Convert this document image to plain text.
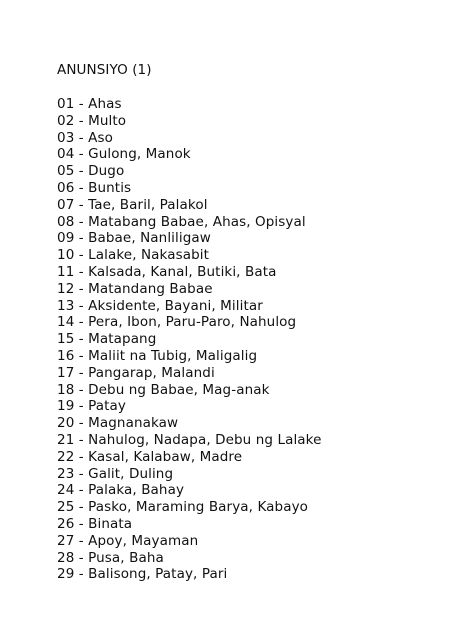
ANUNSIYO (1)
01 - Ahas
02 - Multo
03 - Aso
04 - Gulong, Manok
05 - Dugo
06 - Buntis
07 - Tae, Baril, Palakol
08 - Matabang Babae, Ahas, Opisyal
09 - Babae, Nanliligaw
10 - Lalake, Nakasabit
11 - Kalsada, Kanal, Butiki, Bata
12 - Matandang Babae
13 - Aksidente, Bayani, Militar
14 - Pera, Ibon, Paru-Paro, Nahulog
15 - Matapang
16 - Maliit na Tubig, Maligalig
17 - Pangarap, Malandi
18 - Debu ng Babae, Mag-anak
19 - Patay
20 - Magnanakaw
21 - Nahulog, Nadapa, Debu ng Lalake
22 - Kasal, Kalabaw, Madre
23 - Galit, Duling
24 - Palaka, Bahay
25 - Pasko, Maraming Barya, Kabayo
26 - Binata
27 - Apoy, Mayaman
28 - Pusa, Baha
29 - Balisong, Patay, Pari
